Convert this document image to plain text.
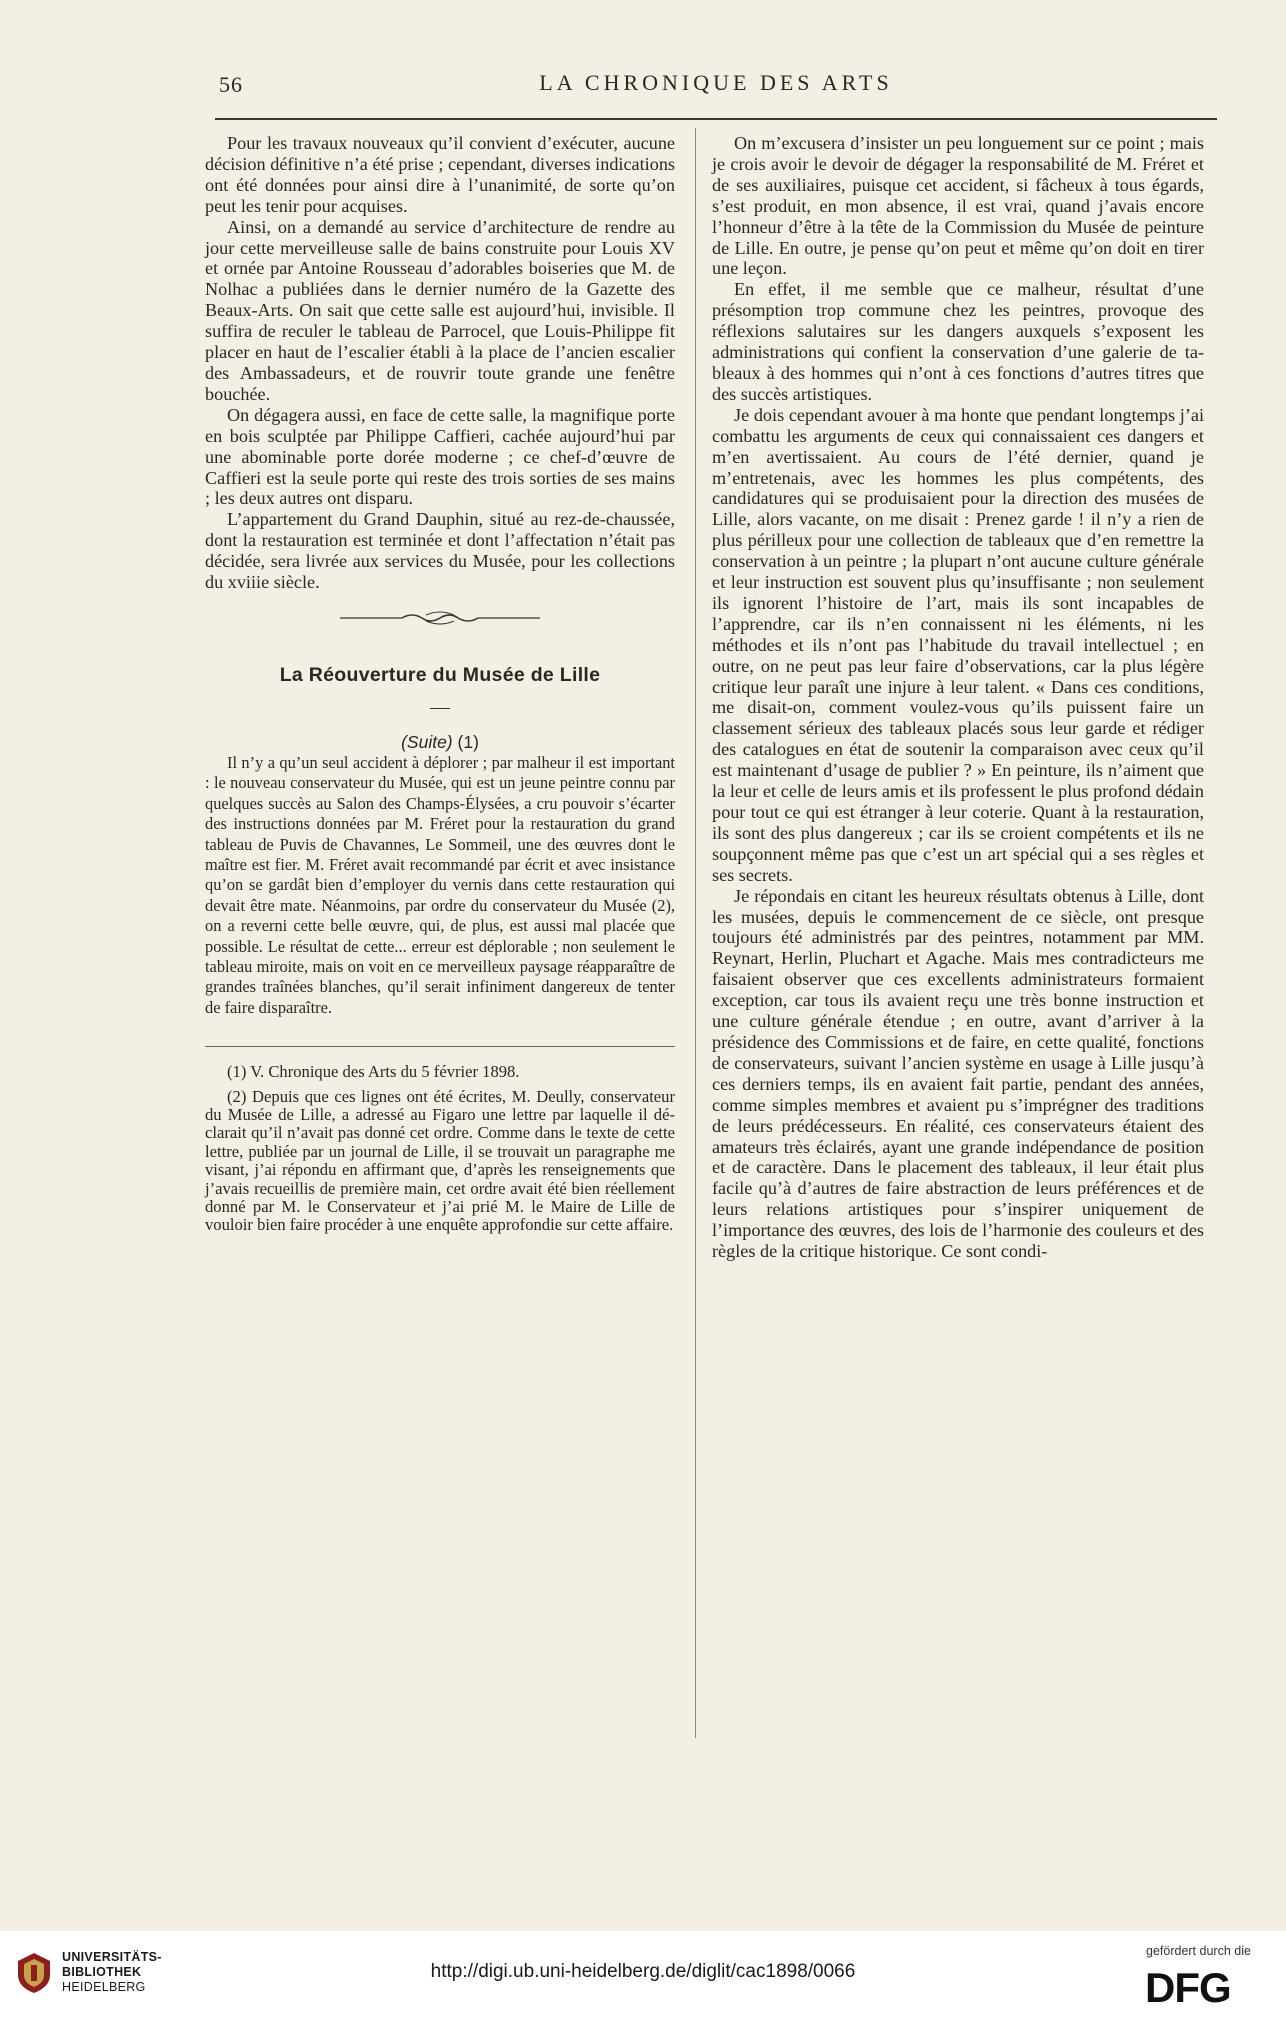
56	LA CHRONIQUE DES ARTS

Pour les travaux nouveaux qu’il convient d’exécuter, aucune décision définitive n’a été prise ; cependant, diverses indications ont été données pour ainsi dire à l’unanimité, de sorte qu’on peut les tenir pour acquises.

Ainsi, on a demandé au service d’architecture de rendre au jour cette merveilleuse salle de bains construite pour Louis XV et ornée par Antoine Rousseau d’adorables boiseries que M. de Nolhac a publiées dans le dernier numéro de la Gazette des Beaux-Arts. On sait que cette salle est aujourd’hui, invisible. Il suffira de reculer le tableau de Parrocel, que Louis-Philippe fit placer en haut de l’escalier établi à la place de l’ancien escalier des Ambassadeurs, et de rouvrir toute grande une fenêtre bouchée.

On dégagera aussi, en face de cette salle, la magnifique porte en bois sculptée par Philippe Caffieri, cachée aujourd’hui par une abominable porte dorée moderne ; ce chef-d’œuvre de Caffieri est la seule porte qui reste des trois sorties de ses mains ; les deux autres ont disparu.

L’appartement du Grand Dauphin, situé au rez-de-chaussée, dont la restauration est terminée et dont l’affectation n’était pas décidée, sera livrée aux services du Musée, pour les collections du xviiie siècle.

La Réouverture du Musée de Lille

(Suite) (1)

Il n’y a qu’un seul accident à déplorer ; par malheur il est important : le nouveau conservateur du Musée, qui est un jeune peintre connu par quelques succès au Salon des Champs-Élysées, a cru pouvoir s’écarter des instructions données par M. Fréret pour la restauration du grand tableau de Puvis de Chavannes, Le Sommeil, une des œuvres dont le maître est fier. M. Fréret avait recommandé par écrit et avec insistance qu’on se gardât bien d’employer du vernis dans cette restauration qui devait être mate. Néanmoins, par ordre du conservateur du Musée (2), on a reverni cette belle œuvre, qui, de plus, est aussi mal placée que possible. Le résultat de cette... erreur est déplorable ; non seulement le tableau miroite, mais on voit en ce merveilleux paysage réapparaître de grandes traînées blanches, qu’il serait infiniment dangereux de tenter de faire disparaître.

(1) V. Chronique des Arts du 5 février 1898.

(2) Depuis que ces lignes ont été écrites, M. Deully, conservateur du Musée de Lille, a adressé au Figaro une lettre par laquelle il déclarait qu’il n’avait pas donné cet ordre. Comme dans le texte de cette lettre, publiée par un journal de Lille, il se trouvait un paragraphe me visant, j’ai répondu en affirmant que, d’après les renseignements que j’avais recueillis de première main, cet ordre avait été bien réellement donné par M. le Conservateur et j’ai prié M. le Maire de Lille de vouloir bien faire procéder à une enquête approfondie sur cette affaire.

On m’excusera d’insister un peu longuement sur ce point ; mais je crois avoir le devoir de dégager la responsabilité de M. Fréret et de ses auxiliaires, puisque cet accident, si fâcheux à tous égards, s’est produit, en mon absence, il est vrai, quand j’avais encore l’honneur d’être à la tête de la Commission du Musée de peinture de Lille. En outre, je pense qu’on peut et même qu’on doit en tirer une leçon.

En effet, il me semble que ce malheur, résultat d’une présomption trop commune chez les peintres, provoque des réflexions salutaires sur les dangers auxquels s’exposent les administrations qui confient la conservation d’une galerie de tableaux à des hommes qui n’ont à ces fonctions d’autres titres que des succès artistiques.

Je dois cependant avouer à ma honte que pendant longtemps j’ai combattu les arguments de ceux qui connaissaient ces dangers et m’en avertissaient. Au cours de l’été dernier, quand je m’entretenais, avec les hommes les plus compétents, des candidatures qui se produisaient pour la direction des musées de Lille, alors vacante, on me disait : Prenez garde ! il n’y a rien de plus périlleux pour une collection de tableaux que d’en remettre la conservation à un peintre ; la plupart n’ont aucune culture générale et leur instruction est souvent plus qu’insuffisante ; non seulement ils ignorent l’histoire de l’art, mais ils sont incapables de l’apprendre, car ils n’en connaissent ni les éléments, ni les méthodes et ils n’ont pas l’habitude du travail intellectuel ; en outre, on ne peut pas leur faire d’observations, car la plus légère critique leur paraît une injure à leur talent. « Dans ces conditions, me disait-on, comment voulez-vous qu’ils puissent faire un classement sérieux des tableaux placés sous leur garde et rédiger des catalogues en état de soutenir la comparaison avec ceux qu’il est maintenant d’usage de publier ? » En peinture, ils n’aiment que la leur et celle de leurs amis et ils professent le plus profond dédain pour tout ce qui est étranger à leur coterie. Quant à la restauration, ils sont des plus dangereux ; car ils se croient compétents et ils ne soupçonnent même pas que c’est un art spécial qui a ses règles et ses secrets.

Je répondais en citant les heureux résultats obtenus à Lille, dont les musées, depuis le commencement de ce siècle, ont presque toujours été administrés par des peintres, notamment par MM. Reynart, Herlin, Pluchart et Agache. Mais mes contradicteurs me faisaient observer que ces excellents administrateurs formaient exception, car tous ils avaient reçu une très bonne instruction et une culture générale étendue ; en outre, avant d’arriver à la présidence des Commissions et de faire, en cette qualité, fonctions de conservateurs, suivant l’ancien système en usage à Lille jusqu’à ces derniers temps, ils en avaient fait partie, pendant des années, comme simples membres et avaient pu s’imprégner des traditions de leurs prédécesseurs. En réalité, ces conservateurs étaient des amateurs très éclairés, ayant une grande indépendance de position et de caractère. Dans le placement des tableaux, il leur était plus facile qu’à d’autres de faire abstraction de leurs préférences et de leurs relations artistiques pour s’inspirer uniquement de l’importance des œuvres, des lois de l’harmonie des couleurs et des règles de la critique historique. Ce sont condi-

UNIVERSITÄTS-
BIBLIOTHEK
HEIDELBERG
http://digi.ub.uni-heidelberg.de/diglit/cac1898/0066
gefördert durch die
DFG
